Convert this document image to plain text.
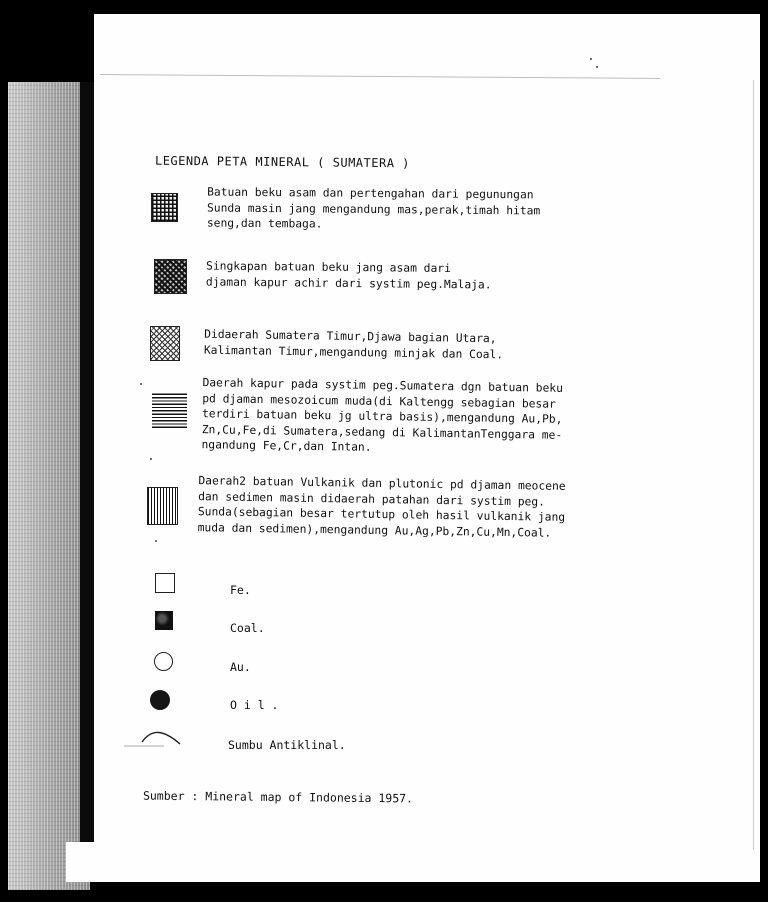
LEGENDA PETA MINERAL ( SUMATERA )
Batuan beku asam dan pertengahan dari pegunungan
Sunda masin jang mengandung mas,perak,timah hitam
seng,dan tembaga.
Singkapan batuan beku jang asam dari
djaman kapur achir dari systim peg.Malaja.
Didaerah Sumatera Timur,Djawa bagian Utara,
Kalimantan Timur,mengandung minjak dan Coal.
Daerah kapur pada systim peg.Sumatera dgn batuan beku
pd djaman mesozoicum muda(di Kaltengg sebagian besar
terdiri batuan beku jg ultra basis),mengandung Au,Pb,
Zn,Cu,Fe,di Sumatera,sedang di KalimantanTenggara me-
ngandung Fe,Cr,dan Intan.
Daerah2 batuan Vulkanik dan plutonic pd djaman meocene
dan sedimen masin didaerah patahan dari systim peg.
Sunda(sebagian besar tertutup oleh hasil vulkanik jang
muda dan sedimen),mengandung Au,Ag,Pb,Zn,Cu,Mn,Coal.
Fe.
Coal.
Au.
O i l .
Sumbu Antiklinal.
Sumber : Mineral map of Indonesia 1957.
